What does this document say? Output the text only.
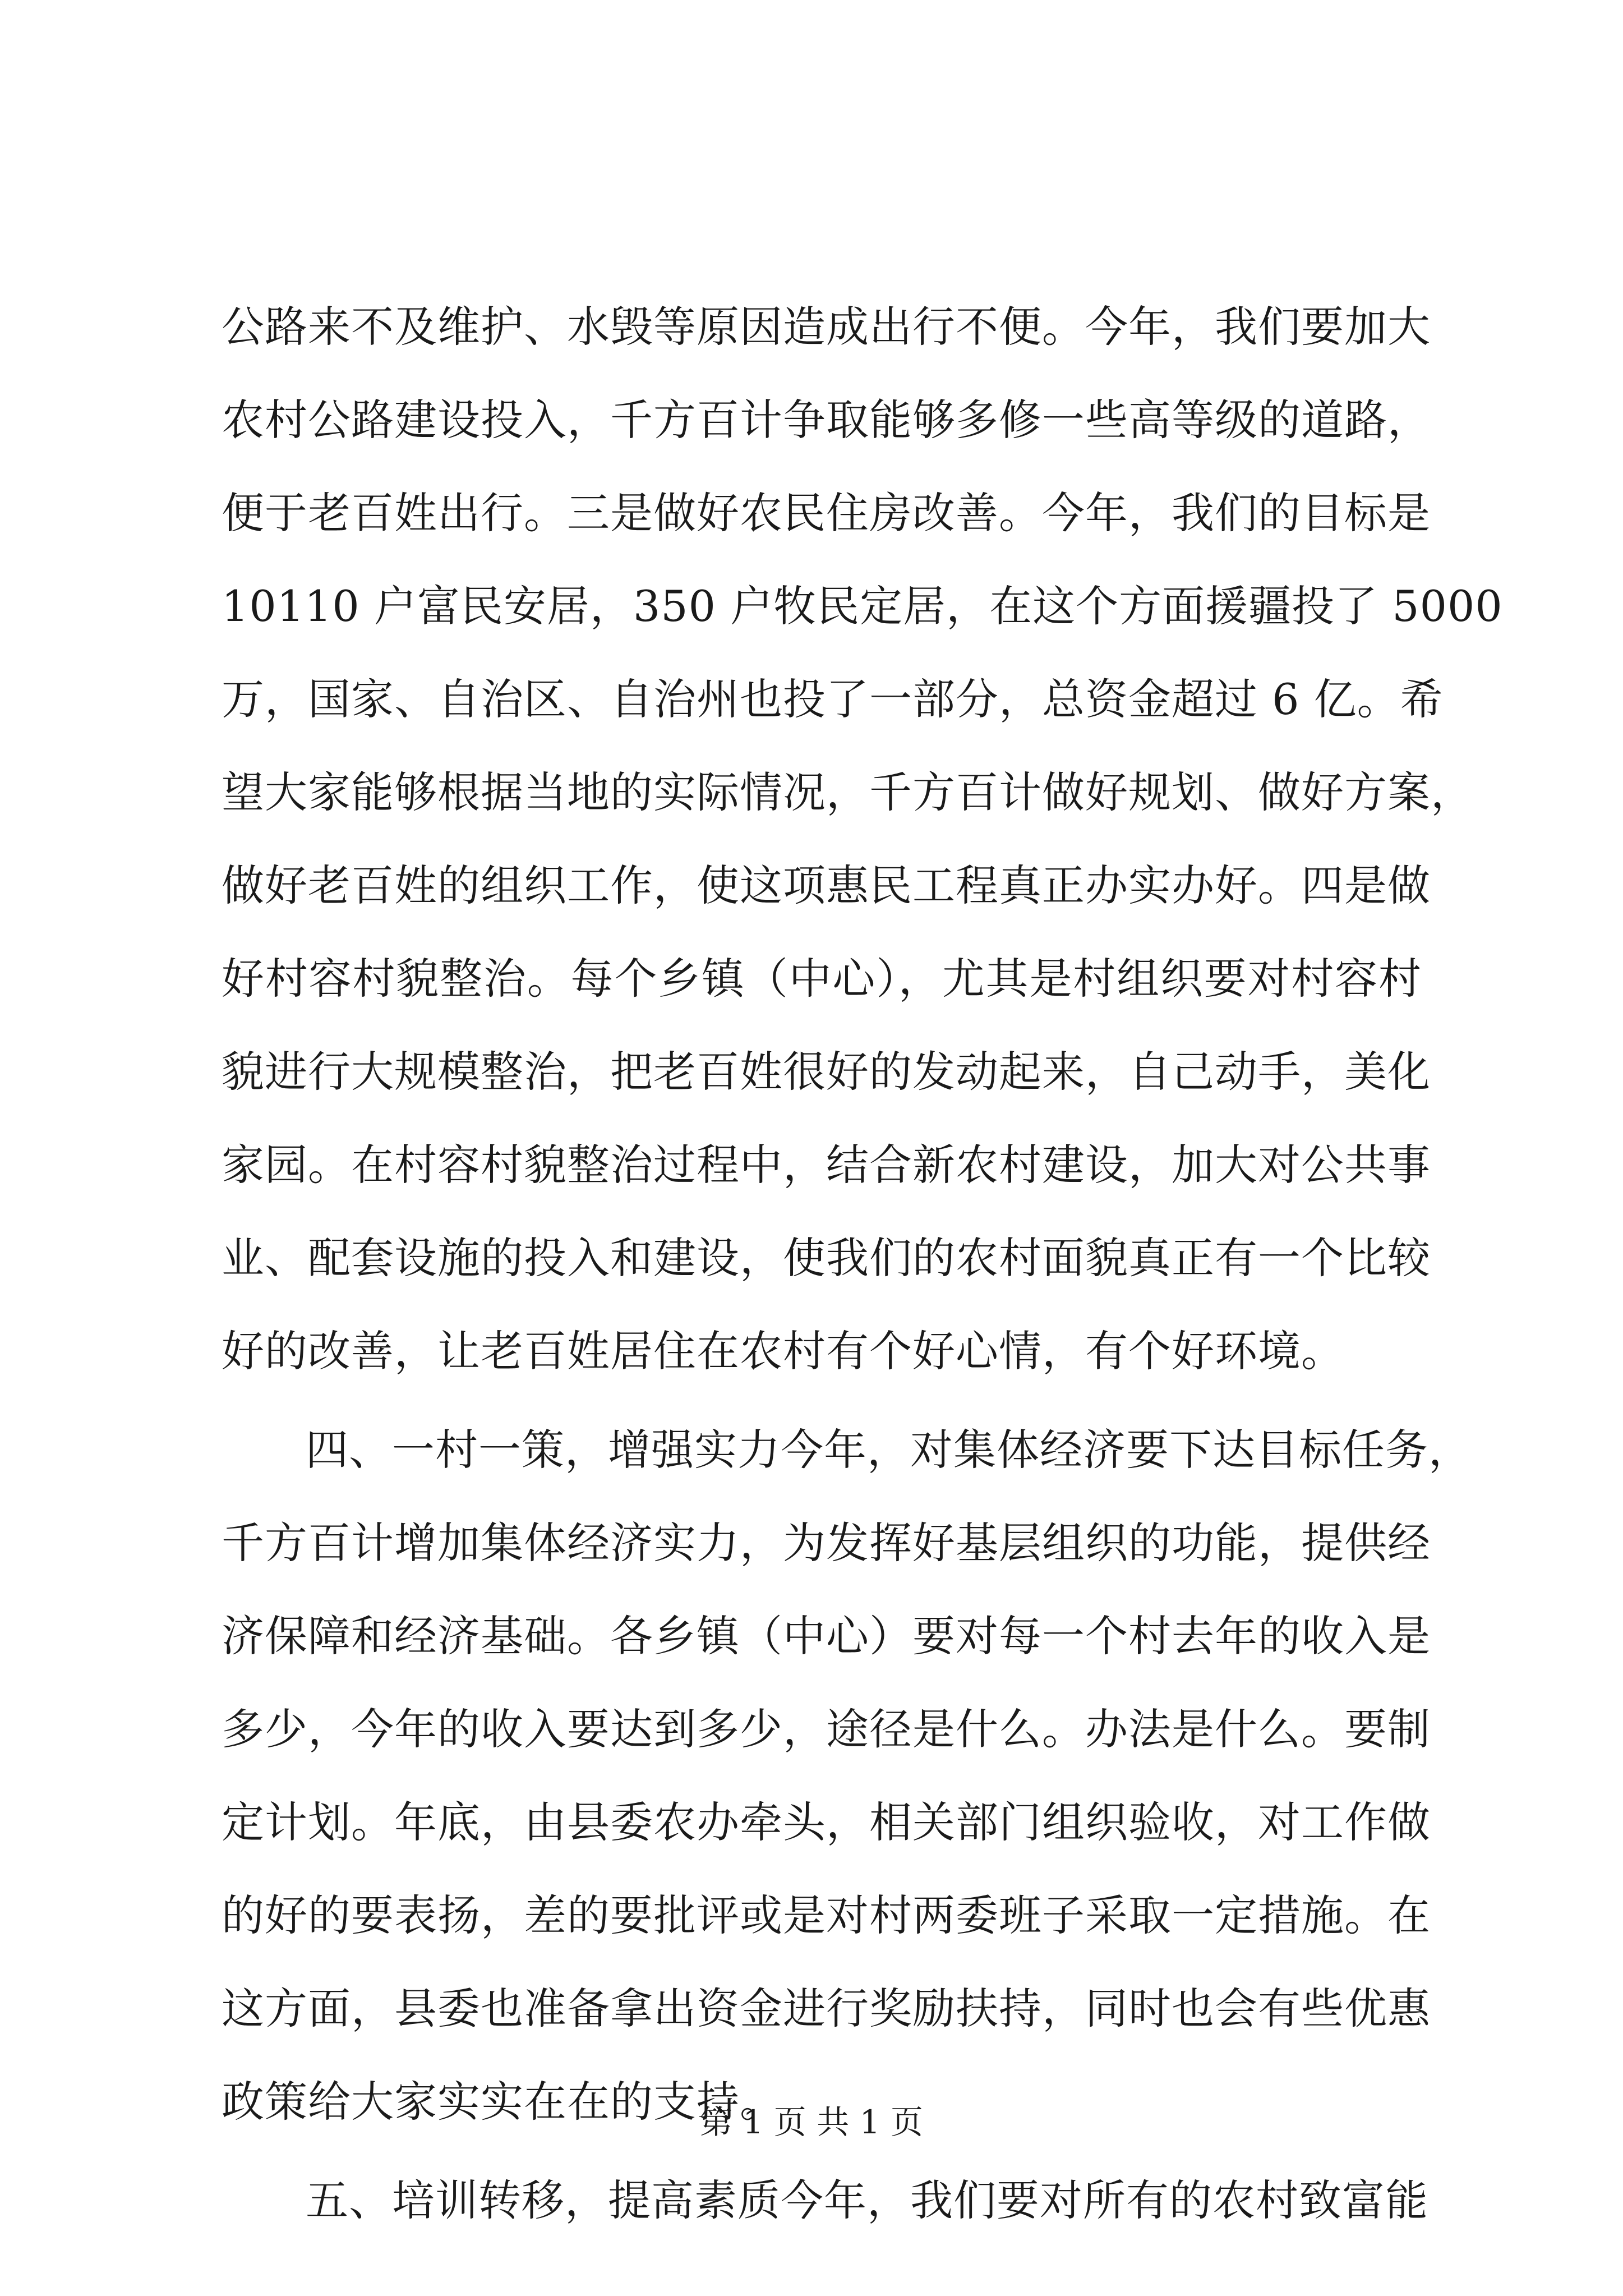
公路来不及维护、水毁等原因造成出行不便。今年，我们要加大
农村公路建设投入，千方百计争取能够多修一些高等级的道路，
便于老百姓出行。三是做好农民住房改善。今年，我们的目标是
10110 户富民安居，350 户牧民定居，在这个方面援疆投了 5000
万，国家、自治区、自治州也投了一部分，总资金超过 6 亿。希
望大家能够根据当地的实际情况，千方百计做好规划、做好方案，
做好老百姓的组织工作，使这项惠民工程真正办实办好。四是做
好村容村貌整治。每个乡镇（中心），尤其是村组织要对村容村
貌进行大规模整治，把老百姓很好的发动起来，自己动手，美化
家园。在村容村貌整治过程中，结合新农村建设，加大对公共事
业、配套设施的投入和建设，使我们的农村面貌真正有一个比较
好的改善，让老百姓居住在农村有个好心情，有个好环境。
四、一村一策，增强实力今年，对集体经济要下达目标任务，
千方百计增加集体经济实力，为发挥好基层组织的功能，提供经
济保障和经济基础。各乡镇（中心）要对每一个村去年的收入是
多少，今年的收入要达到多少，途径是什么。办法是什么。要制
定计划。年底，由县委农办牵头，相关部门组织验收，对工作做
的好的要表扬，差的要批评或是对村两委班子采取一定措施。在
这方面，县委也准备拿出资金进行奖励扶持，同时也会有些优惠
政策给大家实实在在的支持。
五、培训转移，提高素质今年，我们要对所有的农村致富能
第 1 页 共 1 页
